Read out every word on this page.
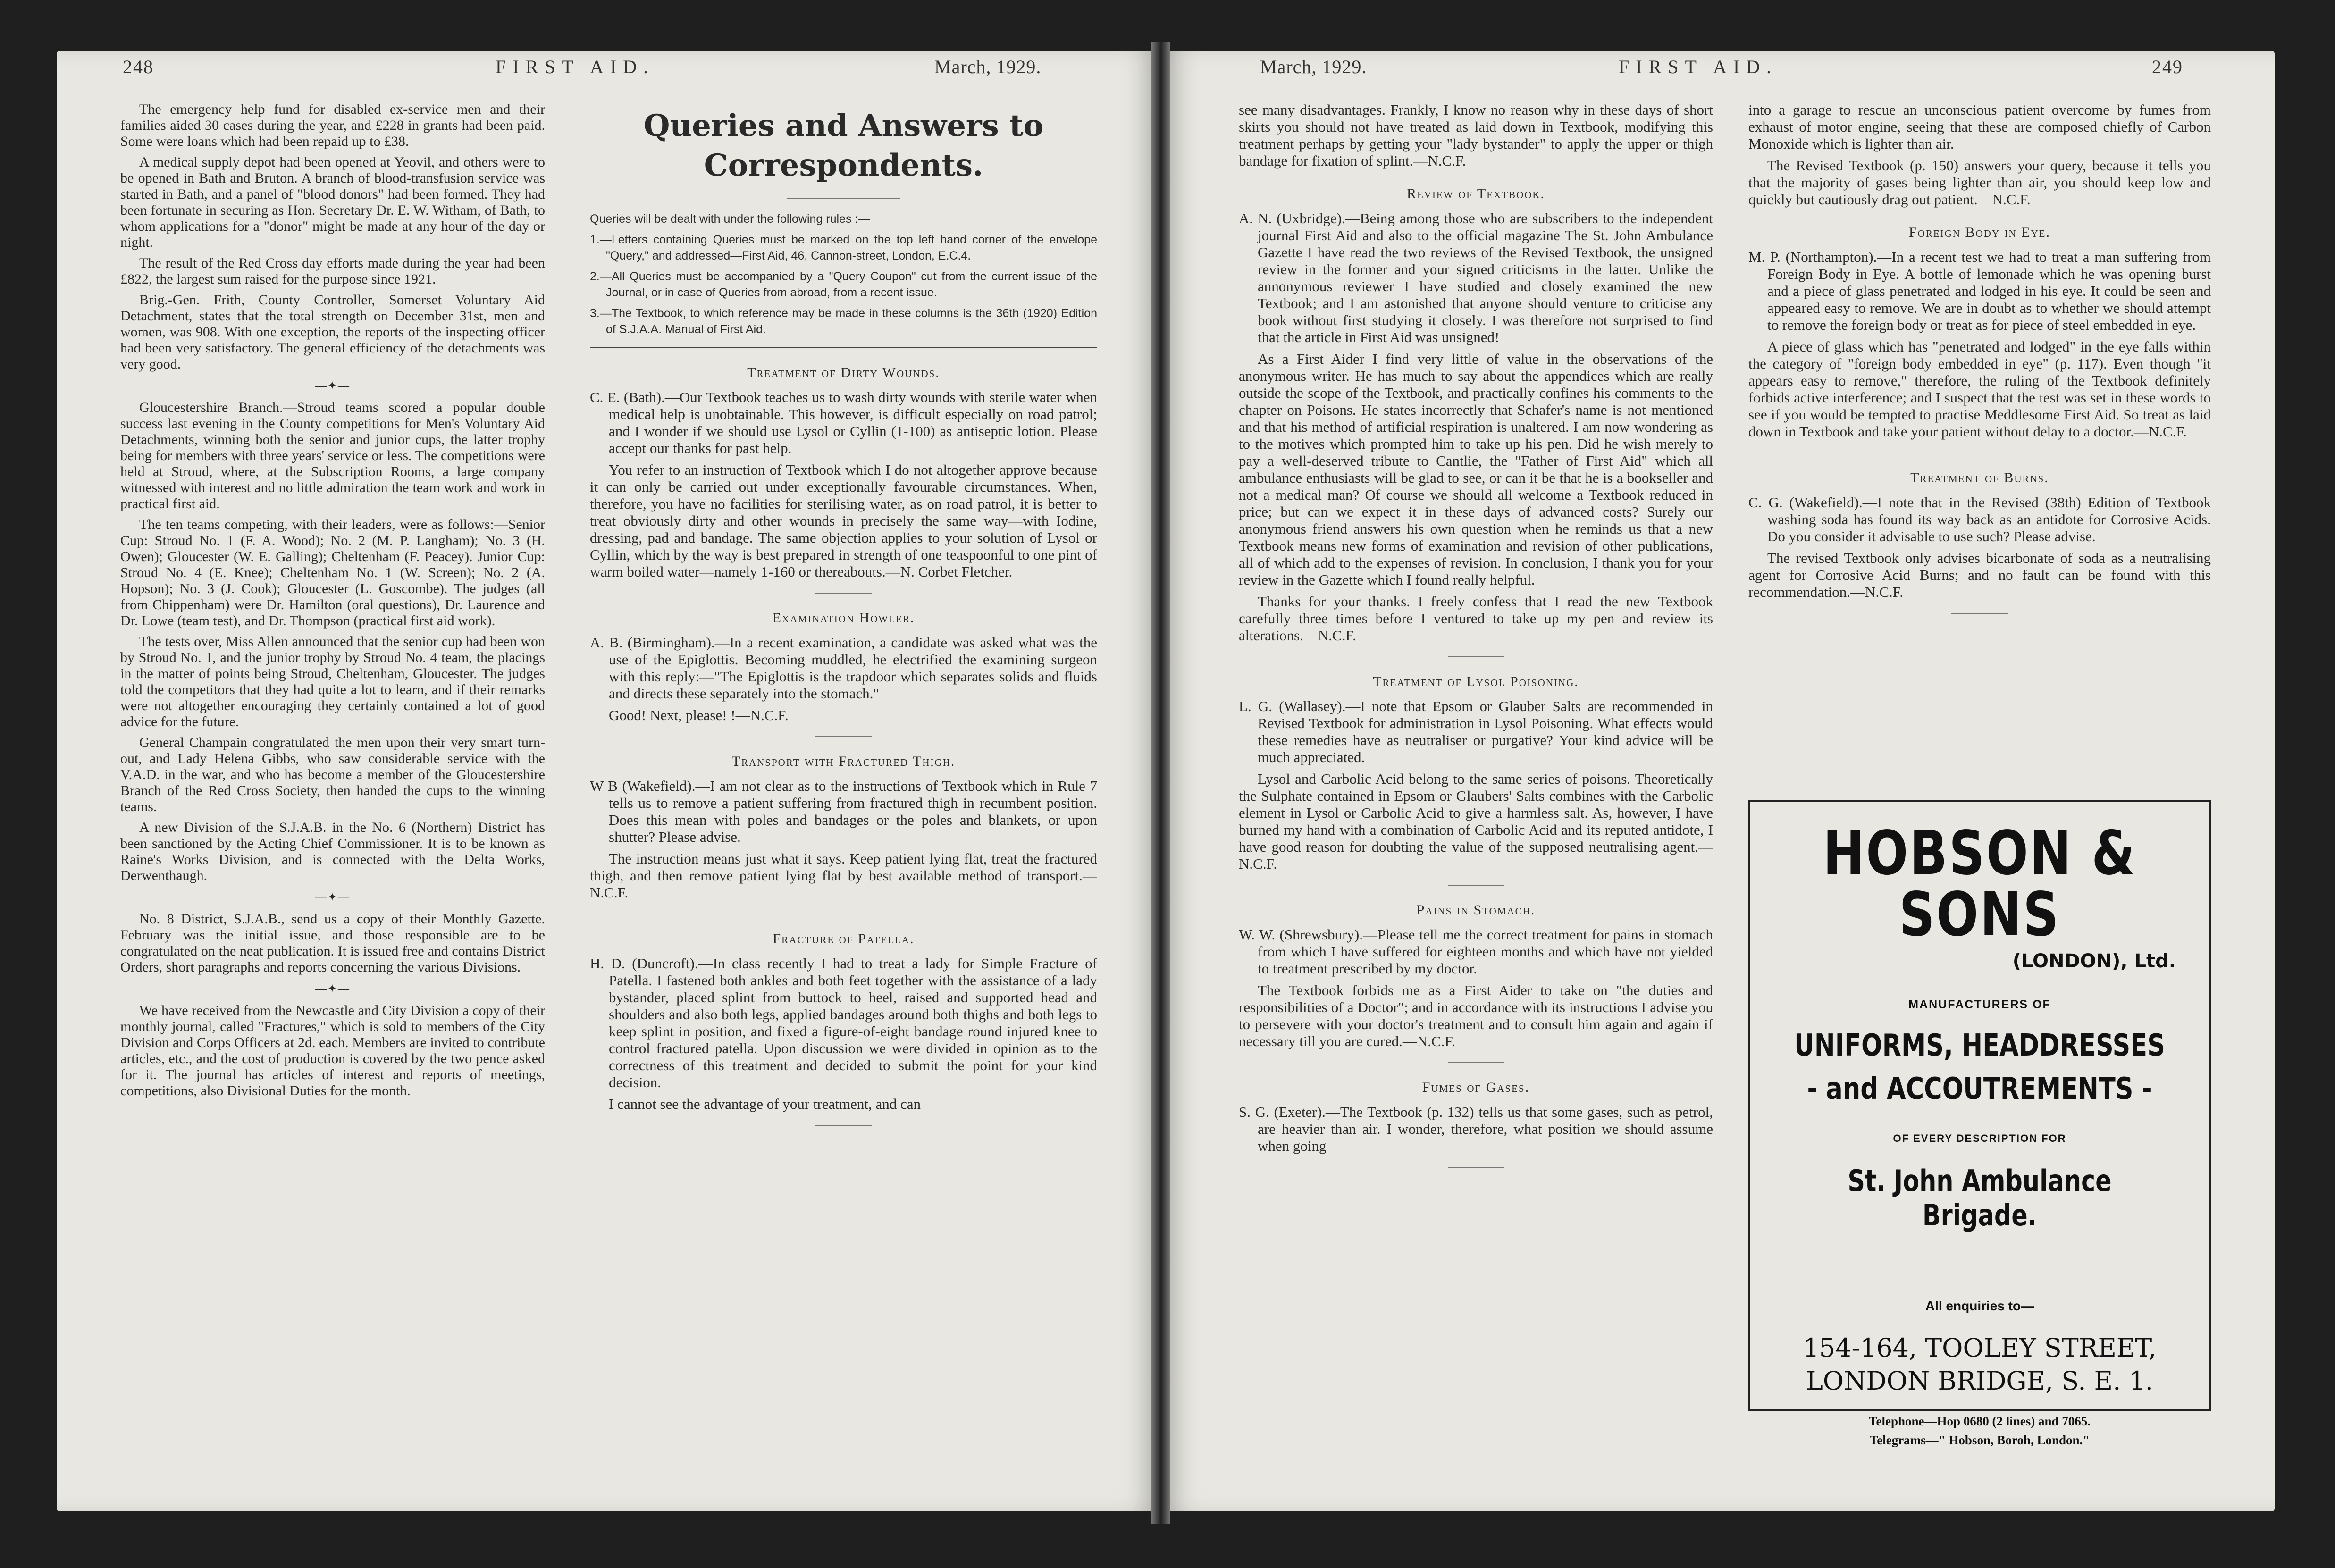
248	FIRST AID.	March, 1929.	March, 1929.	FIRST AID.	249

The emergency help fund for disabled ex-service men and their families aided 30 cases during the year, and £228 in grants had been paid. Some were loans which had been repaid up to £38.

A medical supply depot had been opened at Yeovil, and others were to be opened in Bath and Bruton. A branch of blood-transfusion service was started in Bath, and a panel of "blood donors" had been formed. They had been fortunate in securing as Hon. Secretary Dr. E. W. Witham, of Bath, to whom applications for a "donor" might be made at any hour of the day or night.

The result of the Red Cross day efforts made during the year had been £822, the largest sum raised for the purpose since 1921.

Brig.-Gen. Frith, County Controller, Somerset Voluntary Aid Detachment, states that the total strength on December 31st, men and women, was 908. With one exception, the reports of the inspecting officer had been very satisfactory. The general efficiency of the detachments was very good.

—✦—

Gloucestershire Branch.—Stroud teams scored a popular double success last evening in the County competitions for Men's Voluntary Aid Detachments, winning both the senior and junior cups, the latter trophy being for members with three years' service or less. The competitions were held at Stroud, where, at the Subscription Rooms, a large company witnessed with interest and no little admiration the team work and work in practical first aid.

The ten teams competing, with their leaders, were as follows:—Senior Cup: Stroud No. 1 (F. A. Wood); No. 2 (M. P. Langham); No. 3 (H. Owen); Gloucester (W. E. Galling); Cheltenham (F. Peacey). Junior Cup: Stroud No. 4 (E. Knee); Cheltenham No. 1 (W. Screen); No. 2 (A. Hopson); No. 3 (J. Cook); Gloucester (L. Goscombe). The judges (all from Chippenham) were Dr. Hamilton (oral questions), Dr. Laurence and Dr. Lowe (team test), and Dr. Thompson (practical first aid work).

The tests over, Miss Allen announced that the senior cup had been won by Stroud No. 1, and the junior trophy by Stroud No. 4 team, the placings in the matter of points being Stroud, Cheltenham, Gloucester. The judges told the competitors that they had quite a lot to learn, and if their remarks were not altogether encouraging they certainly contained a lot of good advice for the future.

General Champain congratulated the men upon their very smart turn-out, and Lady Helena Gibbs, who saw considerable service with the V.A.D. in the war, and who has become a member of the Gloucestershire Branch of the Red Cross Society, then handed the cups to the winning teams.

A new Division of the S.J.A.B. in the No. 6 (Northern) District has been sanctioned by the Acting Chief Commissioner. It is to be known as Raine's Works Division, and is connected with the Delta Works, Derwenthaugh.

—✦—

No. 8 District, S.J.A.B., send us a copy of their Monthly Gazette. February was the initial issue, and those responsible are to be congratulated on the neat publication. It is issued free and contains District Orders, short paragraphs and reports concerning the various Divisions.

—✦—

We have received from the Newcastle and City Division a copy of their monthly journal, called "Fractures," which is sold to members of the City Division and Corps Officers at 2d. each. Members are invited to contribute articles, etc., and the cost of production is covered by the two pence asked for it. The journal has articles of interest and reports of meetings, competitions, also Divisional Duties for the month.

Queries and Answers to
Correspondents.

Queries will be dealt with under the following rules :—

1.—Letters containing Queries must be marked on the top left hand corner of the envelope "Query," and addressed—First Aid, 46, Cannon-street, London, E.C.4.

2.—All Queries must be accompanied by a "Query Coupon" cut from the current issue of the Journal, or in case of Queries from abroad, from a recent issue.

3.—The Textbook, to which reference may be made in these columns is the 36th (1920) Edition of S.J.A.A. Manual of First Aid.

Treatment of Dirty Wounds.

C. E. (Bath).—Our Textbook teaches us to wash dirty wounds with sterile water when medical help is unobtainable. This however, is difficult especially on road patrol; and I wonder if we should use Lysol or Cyllin (1-100) as antiseptic lotion. Please accept our thanks for past help.

You refer to an instruction of Textbook which I do not altogether approve because it can only be carried out under exceptionally favourable circumstances. When, therefore, you have no facilities for sterilising water, as on road patrol, it is better to treat obviously dirty and other wounds in precisely the same way—with Iodine, dressing, pad and bandage. The same objection applies to your solution of Lysol or Cyllin, which by the way is best prepared in strength of one teaspoonful to one pint of warm boiled water—namely 1-160 or thereabouts.—N. Corbet Fletcher.

Examination Howler.

A. B. (Birmingham).—In a recent examination, a candidate was asked what was the use of the Epiglottis. Becoming muddled, he electrified the examining surgeon with this reply:—"The Epiglottis is the trapdoor which separates solids and fluids and directs these separately into the stomach."

Good! Next, please! !—N.C.F.

Transport with Fractured Thigh.

W B (Wakefield).—I am not clear as to the instructions of Textbook which in Rule 7 tells us to remove a patient suffering from fractured thigh in recumbent position. Does this mean with poles and bandages or the poles and blankets, or upon shutter? Please advise.

The instruction means just what it says. Keep patient lying flat, treat the fractured thigh, and then remove patient lying flat by best available method of transport.—N.C.F.

Fracture of Patella.

H. D. (Duncroft).—In class recently I had to treat a lady for Simple Fracture of Patella. I fastened both ankles and both feet together with the assistance of a lady bystander, placed splint from buttock to heel, raised and supported head and shoulders and also both legs, applied bandages around both thighs and both legs to keep splint in position, and fixed a figure-of-eight bandage round injured knee to control fractured patella. Upon discussion we were divided in opinion as to the correctness of this treatment and decided to submit the point for your kind decision.

I cannot see the advantage of your treatment, and can

see many disadvantages. Frankly, I know no reason why in these days of short skirts you should not have treated as laid down in Textbook, modifying this treatment perhaps by getting your "lady bystander" to apply the upper or thigh bandage for fixation of splint.—N.C.F.

Review of Textbook.

A. N. (Uxbridge).—Being among those who are subscribers to the independent journal First Aid and also to the official magazine The St. John Ambulance Gazette I have read the two reviews of the Revised Textbook, the unsigned review in the former and your signed criticisms in the latter. Unlike the annonymous reviewer I have studied and closely examined the new Textbook; and I am astonished that anyone should venture to criticise any book without first studying it closely. I was therefore not surprised to find that the article in First Aid was unsigned!

As a First Aider I find very little of value in the observations of the anonymous writer. He has much to say about the appendices which are really outside the scope of the Textbook, and practically confines his comments to the chapter on Poisons. He states incorrectly that Schafer's name is not mentioned and that his method of artificial respiration is unaltered. I am now wondering as to the motives which prompted him to take up his pen. Did he wish merely to pay a well-deserved tribute to Cantlie, the "Father of First Aid" which all ambulance enthusiasts will be glad to see, or can it be that he is a bookseller and not a medical man? Of course we should all welcome a Textbook reduced in price; but can we expect it in these days of advanced costs? Surely our anonymous friend answers his own question when he reminds us that a new Textbook means new forms of examination and revision of other publications, all of which add to the expenses of revision. In conclusion, I thank you for your review in the Gazette which I found really helpful.

Thanks for your thanks. I freely confess that I read the new Textbook carefully three times before I ventured to take up my pen and review its alterations.—N.C.F.

Treatment of Lysol Poisoning.

L. G. (Wallasey).—I note that Epsom or Glauber Salts are recommended in Revised Textbook for administration in Lysol Poisoning. What effects would these remedies have as neutraliser or purgative? Your kind advice will be much appreciated.

Lysol and Carbolic Acid belong to the same series of poisons. Theoretically the Sulphate contained in Epsom or Glaubers' Salts combines with the Carbolic element in Lysol or Carbolic Acid to give a harmless salt. As, however, I have burned my hand with a combination of Carbolic Acid and its reputed antidote, I have good reason for doubting the value of the supposed neutralising agent.—N.C.F.

Pains in Stomach.

W. W. (Shrewsbury).—Please tell me the correct treatment for pains in stomach from which I have suffered for eighteen months and which have not yielded to treatment prescribed by my doctor.

The Textbook forbids me as a First Aider to take on "the duties and responsibilities of a Doctor"; and in accordance with its instructions I advise you to persevere with your doctor's treatment and to consult him again and again if necessary till you are cured.—N.C.F.

Fumes of Gases.

S. G. (Exeter).—The Textbook (p. 132) tells us that some gases, such as petrol, are heavier than air. I wonder, therefore, what position we should assume when going

into a garage to rescue an unconscious patient overcome by fumes from exhaust of motor engine, seeing that these are composed chiefly of Carbon Monoxide which is lighter than air.

The Revised Textbook (p. 150) answers your query, because it tells you that the majority of gases being lighter than air, you should keep low and quickly but cautiously drag out patient.—N.C.F.

Foreign Body in Eye.

M. P. (Northampton).—In a recent test we had to treat a man suffering from Foreign Body in Eye. A bottle of lemonade which he was opening burst and a piece of glass penetrated and lodged in his eye. It could be seen and appeared easy to remove. We are in doubt as to whether we should attempt to remove the foreign body or treat as for piece of steel embedded in eye.

A piece of glass which has "penetrated and lodged" in the eye falls within the category of "foreign body embedded in eye" (p. 117). Even though "it appears easy to remove," therefore, the ruling of the Textbook definitely forbids active interference; and I suspect that the test was set in these words to see if you would be tempted to practise Meddlesome First Aid. So treat as laid down in Textbook and take your patient without delay to a doctor.—N.C.F.

Treatment of Burns.

C. G. (Wakefield).—I note that in the Revised (38th) Edition of Textbook washing soda has found its way back as an antidote for Corrosive Acids. Do you consider it advisable to use such? Please advise.

The revised Textbook only advises bicarbonate of soda as a neutralising agent for Corrosive Acid Burns; and no fault can be found with this recommendation.—N.C.F.

HOBSON & SONS
(LONDON), Ltd.
MANUFACTURERS OF
UNIFORMS, HEADDRESSES
- and ACCOUTREMENTS -
OF EVERY DESCRIPTION FOR
St. John Ambulance Brigade.
All enquiries to—
154-164, TOOLEY STREET,
LONDON BRIDGE, S. E. 1.
Telephone—Hop 0680 (2 lines) and 7065.
Telegrams—" Hobson, Boroh, London."
